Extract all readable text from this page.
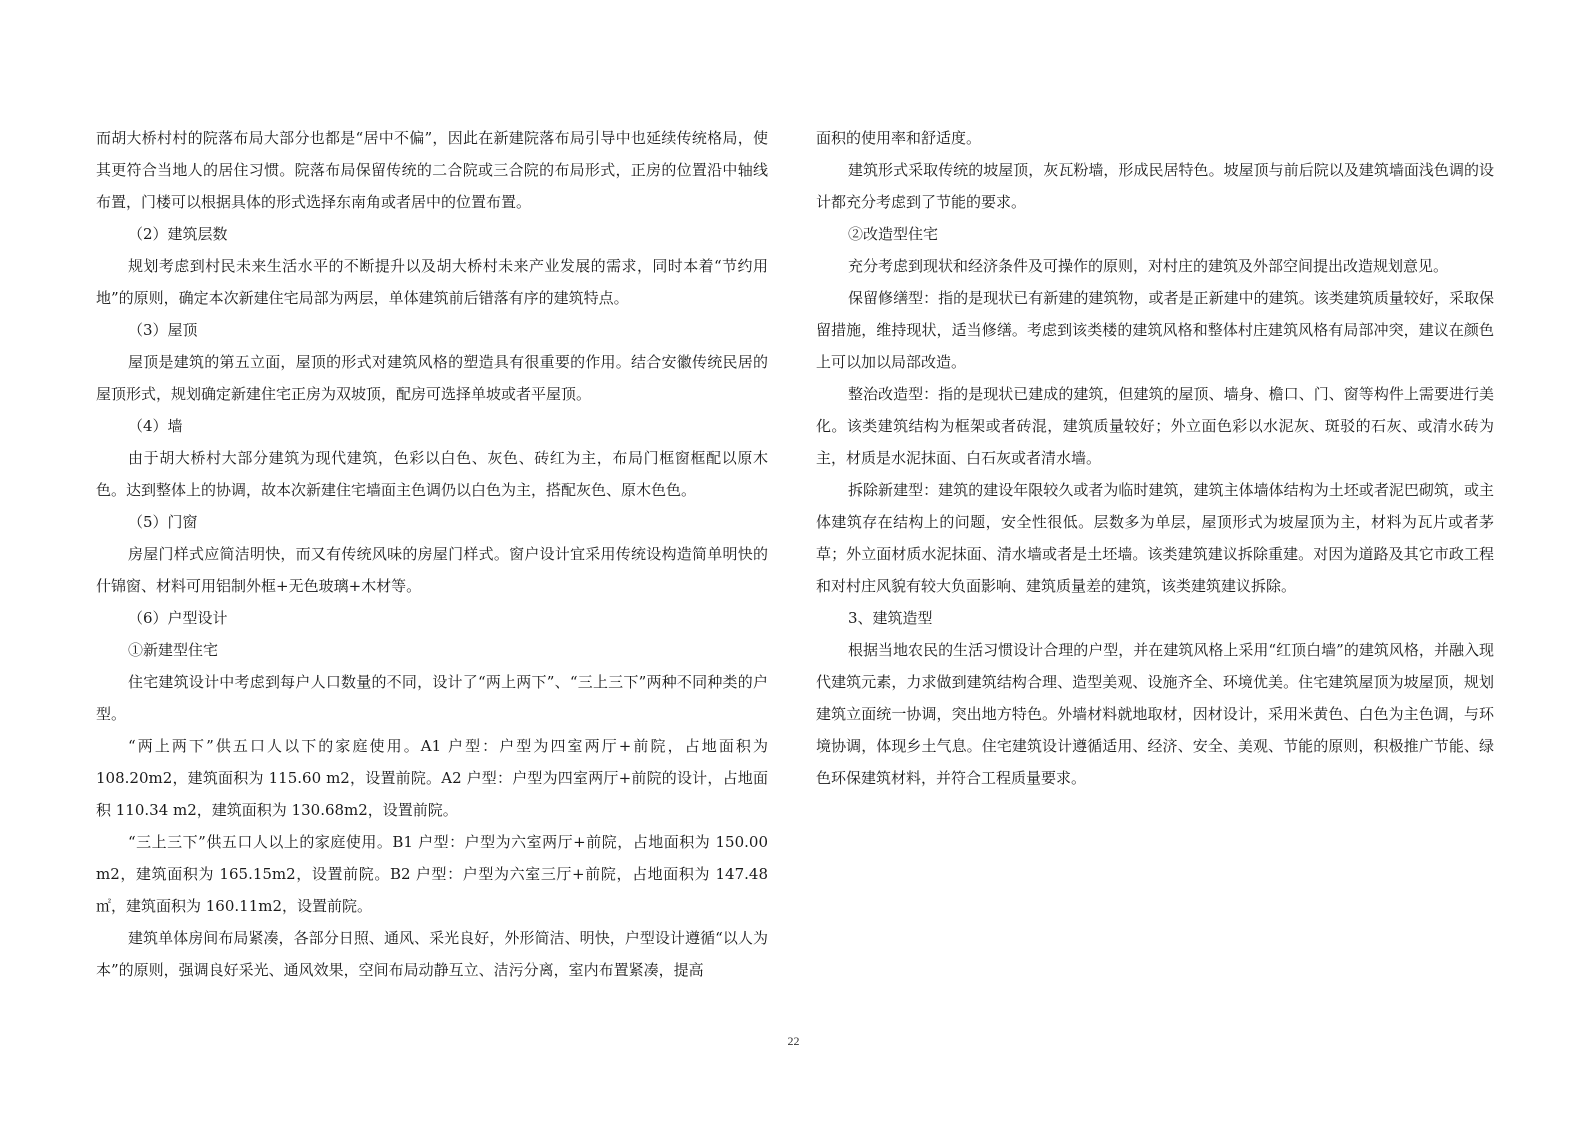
而胡大桥村村的院落布局大部分也都是“居中不偏”，因此在新建院落布局引导中也延续传统格局，使其更符合当地人的居住习惯。院落布局保留传统的二合院或三合院的布局形式，正房的位置沿中轴线布置，门楼可以根据具体的形式选择东南角或者居中的位置布置。

（2）建筑层数

规划考虑到村民未来生活水平的不断提升以及胡大桥村未来产业发展的需求，同时本着“节约用地”的原则，确定本次新建住宅局部为两层，单体建筑前后错落有序的建筑特点。

（3）屋顶

屋顶是建筑的第五立面，屋顶的形式对建筑风格的塑造具有很重要的作用。结合安徽传统民居的屋顶形式，规划确定新建住宅正房为双坡顶，配房可选择单坡或者平屋顶。

（4）墙

由于胡大桥村大部分建筑为现代建筑，色彩以白色、灰色、砖红为主，布局门框窗框配以原木色。达到整体上的协调，故本次新建住宅墙面主色调仍以白色为主，搭配灰色、原木色色。

（5）门窗

房屋门样式应简洁明快，而又有传统风味的房屋门样式。窗户设计宜采用传统设构造简单明快的什锦窗、材料可用铝制外框+无色玻璃+木材等。

（6）户型设计

①新建型住宅

住宅建筑设计中考虑到每户人口数量的不同，设计了“两上两下”、“三上三下”两种不同种类的户型。

“两上两下”供五口人以下的家庭使用。A1 户型：户型为四室两厅+前院，占地面积为108.20m2，建筑面积为 115.60 m2，设置前院。A2 户型：户型为四室两厅+前院的设计，占地面积 110.34 m2，建筑面积为 130.68m2，设置前院。

“三上三下”供五口人以上的家庭使用。B1 户型：户型为六室两厅+前院，占地面积为 150.00 m2，建筑面积为 165.15m2，设置前院。B2 户型：户型为六室三厅+前院，占地面积为 147.48 ㎡，建筑面积为 160.11m2，设置前院。

建筑单体房间布局紧凑，各部分日照、通风、采光良好，外形简洁、明快，户型设计遵循“以人为本”的原则，强调良好采光、通风效果，空间布局动静互立、洁污分离，室内布置紧凑，提高

面积的使用率和舒适度。

建筑形式采取传统的坡屋顶，灰瓦粉墙，形成民居特色。坡屋顶与前后院以及建筑墙面浅色调的设计都充分考虑到了节能的要求。

②改造型住宅

充分考虑到现状和经济条件及可操作的原则，对村庄的建筑及外部空间提出改造规划意见。

保留修缮型：指的是现状已有新建的建筑物，或者是正新建中的建筑。该类建筑质量较好，采取保留措施，维持现状，适当修缮。考虑到该类楼的建筑风格和整体村庄建筑风格有局部冲突，建议在颜色上可以加以局部改造。

整治改造型：指的是现状已建成的建筑，但建筑的屋顶、墙身、檐口、门、窗等构件上需要进行美化。该类建筑结构为框架或者砖混，建筑质量较好；外立面色彩以水泥灰、斑驳的石灰、或清水砖为主，材质是水泥抹面、白石灰或者清水墙。

拆除新建型：建筑的建设年限较久或者为临时建筑，建筑主体墙体结构为土坯或者泥巴砌筑，或主体建筑存在结构上的问题，安全性很低。层数多为单层，屋顶形式为坡屋顶为主，材料为瓦片或者茅草；外立面材质水泥抹面、清水墙或者是土坯墙。该类建筑建议拆除重建。对因为道路及其它市政工程和对村庄风貌有较大负面影响、建筑质量差的建筑，该类建筑建议拆除。

3、建筑造型

根据当地农民的生活习惯设计合理的户型，并在建筑风格上采用“红顶白墙”的建筑风格，并融入现代建筑元素，力求做到建筑结构合理、造型美观、设施齐全、环境优美。住宅建筑屋顶为坡屋顶，规划建筑立面统一协调，突出地方特色。外墙材料就地取材，因材设计，采用米黄色、白色为主色调，与环境协调，体现乡土气息。住宅建筑设计遵循适用、经济、安全、美观、节能的原则，积极推广节能、绿色环保建筑材料，并符合工程质量要求。

22
